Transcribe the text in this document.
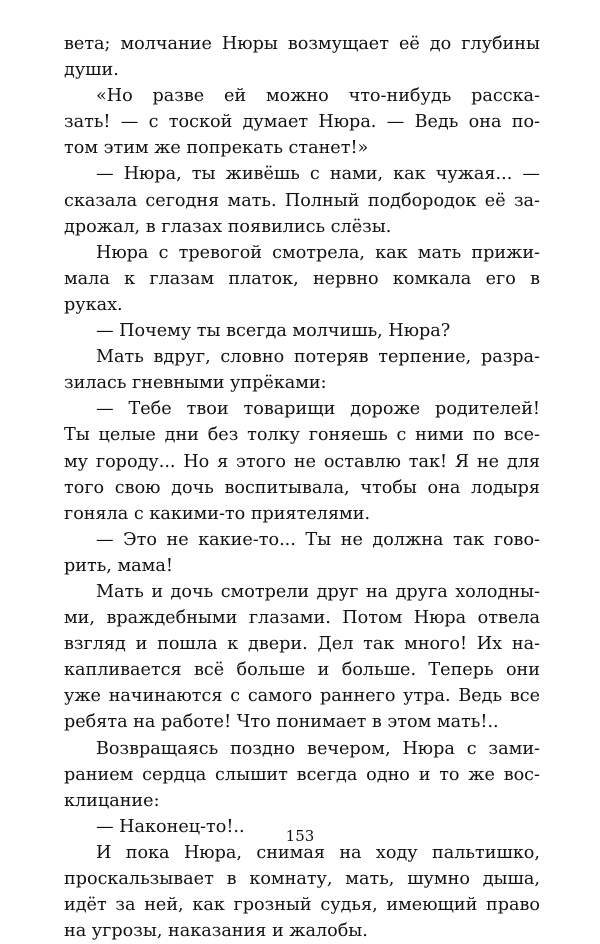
вета; молчание Нюры возмущает её до глубины
души.
«Но разве ей можно что-нибудь расска-
зать! — с тоской думает Нюра. — Ведь она по-
том этим же попрекать станет!»
— Нюра, ты живёшь с нами, как чужая... —
сказала сегодня мать. Полный подбородок её за-
дрожал, в глазах появились слёзы.
Нюра с тревогой смотрела, как мать прижи-
мала к глазам платок, нервно комкала его в
руках.
— Почему ты всегда молчишь, Нюра?
Мать вдруг, словно потеряв терпение, разра-
зилась гневными упрёками:
— Тебе твои товарищи дороже родителей!
Ты целые дни без толку гоняешь с ними по всe-
му городу... Но я этого не оставлю так! Я не для
того свою дочь воспитывала, чтобы она лодыря
гоняла с какими-то приятелями.
— Это не какие-то... Ты не должна так гово-
рить, мама!
Мать и дочь смотрели друг на друга холодны-
ми, враждебными глазами. Потом Нюра отвела
взгляд и пошла к двери. Дел так много! Их на-
капливается всё больше и больше. Теперь они
уже начинаются с самого раннего утра. Ведь все
ребята на работе! Что понимает в этом мать!..
Возвращаясь поздно вечером, Нюра с зами-
ранием сердца слышит всегда одно и то же вос-
клицание:
— Наконец-то!..
И пока Нюра, снимая на ходу пальтишко,
проскальзывает в комнату, мать, шумно дыша,
идёт за ней, как грозный судья, имеющий право
на угрозы, наказания и жалобы.
153
